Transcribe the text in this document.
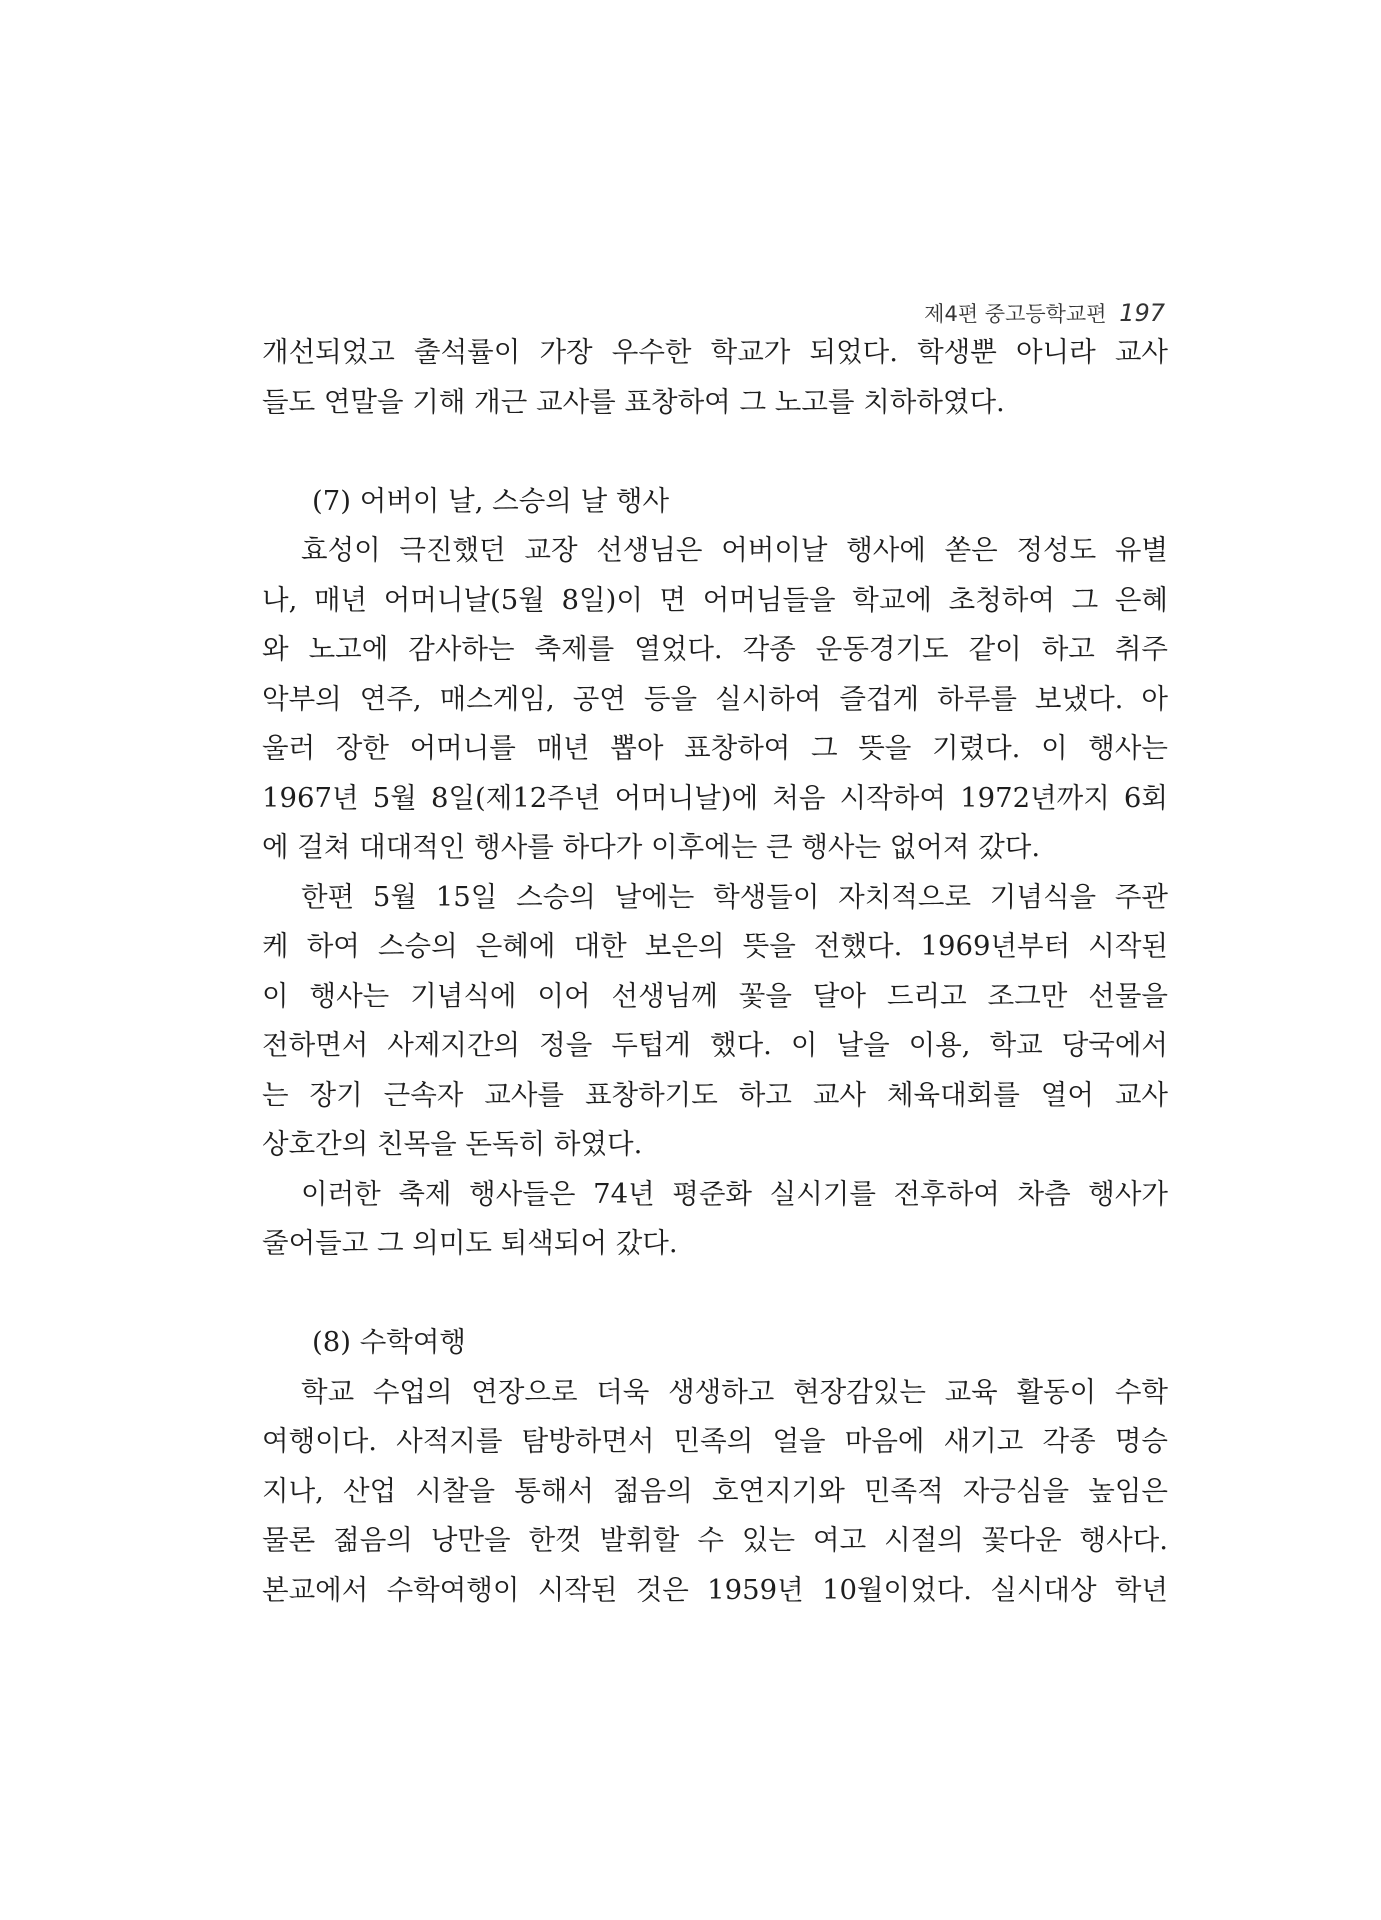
제4편 중고등학교편 197
개선되었고 출석률이 가장 우수한 학교가 되었다. 학생뿐 아니라 교사
들도 연말을 기해 개근 교사를 표창하여 그 노고를 치하하였다.
(7) 어버이 날, 스승의 날 행사
효성이 극진했던 교장 선생님은 어버이날 행사에 쏟은 정성도 유별
나, 매년 어머니날(5월 8일)이 면 어머님들을 학교에 초청하여 그 은혜
와 노고에 감사하는 축제를 열었다. 각종 운동경기도 같이 하고 취주
악부의 연주, 매스게임, 공연 등을 실시하여 즐겁게 하루를 보냈다. 아
울러 장한 어머니를 매년 뽑아 표창하여 그 뜻을 기렸다. 이 행사는
1967년 5월 8일(제12주년 어머니날)에 처음 시작하여 1972년까지 6회
에 걸쳐 대대적인 행사를 하다가 이후에는 큰 행사는 없어져 갔다.
한편 5월 15일 스승의 날에는 학생들이 자치적으로 기념식을 주관
케 하여 스승의 은혜에 대한 보은의 뜻을 전했다. 1969년부터 시작된
이 행사는 기념식에 이어 선생님께 꽃을 달아 드리고 조그만 선물을
전하면서 사제지간의 정을 두텁게 했다. 이 날을 이용, 학교 당국에서
는 장기 근속자 교사를 표창하기도 하고 교사 체육대회를 열어 교사
상호간의 친목을 돈독히 하였다.
이러한 축제 행사들은 74년 평준화 실시기를 전후하여 차츰 행사가
줄어들고 그 의미도 퇴색되어 갔다.
(8) 수학여행
학교 수업의 연장으로 더욱 생생하고 현장감있는 교육 활동이 수학
여행이다. 사적지를 탐방하면서 민족의 얼을 마음에 새기고 각종 명승
지나, 산업 시찰을 통해서 젊음의 호연지기와 민족적 자긍심을 높임은
물론 젊음의 낭만을 한껏 발휘할 수 있는 여고 시절의 꽃다운 행사다.
본교에서 수학여행이 시작된 것은 1959년 10월이었다. 실시대상 학년
